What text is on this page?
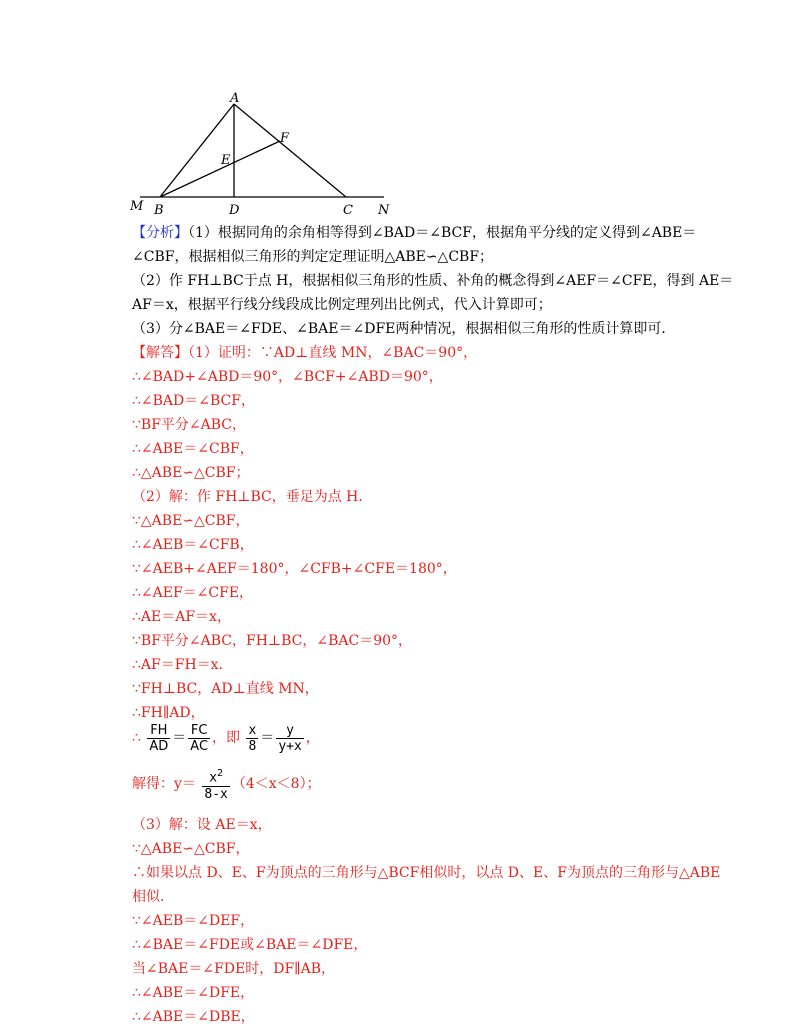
A
F
E
M B	D	C N
【分析】（1）根据同角的余角相等得到∠BAD＝∠BCF，根据角平分线的定义得到∠ABE＝
∠CBF，根据相似三角形的判定定理证明△ABE∽△CBF；
（2）作 FH⊥BC于点 H，根据相似三角形的性质、补角的概念得到∠AEF＝∠CFE，得到 AE＝
AF＝x，根据平行线分线段成比例定理列出比例式，代入计算即可；
（3）分∠BAE＝∠FDE、∠BAE＝∠DFE两种情况，根据相似三角形的性质计算即可．
【解答】（1）证明：∵AD⊥直线 MN，∠BAC＝90°，
∴∠BAD+∠ABD＝90°，∠BCF+∠ABD＝90°，
∴∠BAD＝∠BCF，
∵BF平分∠ABC，
∴∠ABE＝∠CBF，
∴△ABE∽△CBF；
（2）解：作 FH⊥BC，垂足为点 H．
∵△ABE∽△CBF，
∴∠AEB＝∠CFB，
∵∠AEB+∠AEF＝180°，∠CFB+∠CFE＝180°，
∴∠AEF＝∠CFE，
∴AE＝AF＝x，
∵BF平分∠ABC，FH⊥BC，∠BAC＝90°，
∴AF＝FH＝x．
∵FH⊥BC，AD⊥直线 MN，
∴FH∥AD，
∴ $\frac{FH}{AD} = \frac{FC}{AC}$ ，即 $\frac{x}{8} = \frac{y}{y+x}$ ，
解得：$y= \frac{x^2}{8-x} (4<x<8)$；
（3）解：设 AE＝x，
∵△ABE∽△CBF，
∴如果以点 D、E、F为顶点的三角形与△BCF相似时，以点 D、E、F为顶点的三角形与△ABE
相似．
∵∠AEB＝∠DEF，
∴∠BAE＝∠FDE或∠BAE＝∠DFE，
当∠BAE＝∠FDE时，DF∥AB，
∴∠ABE＝∠DFE，
∴∠ABE＝∠DBE，
